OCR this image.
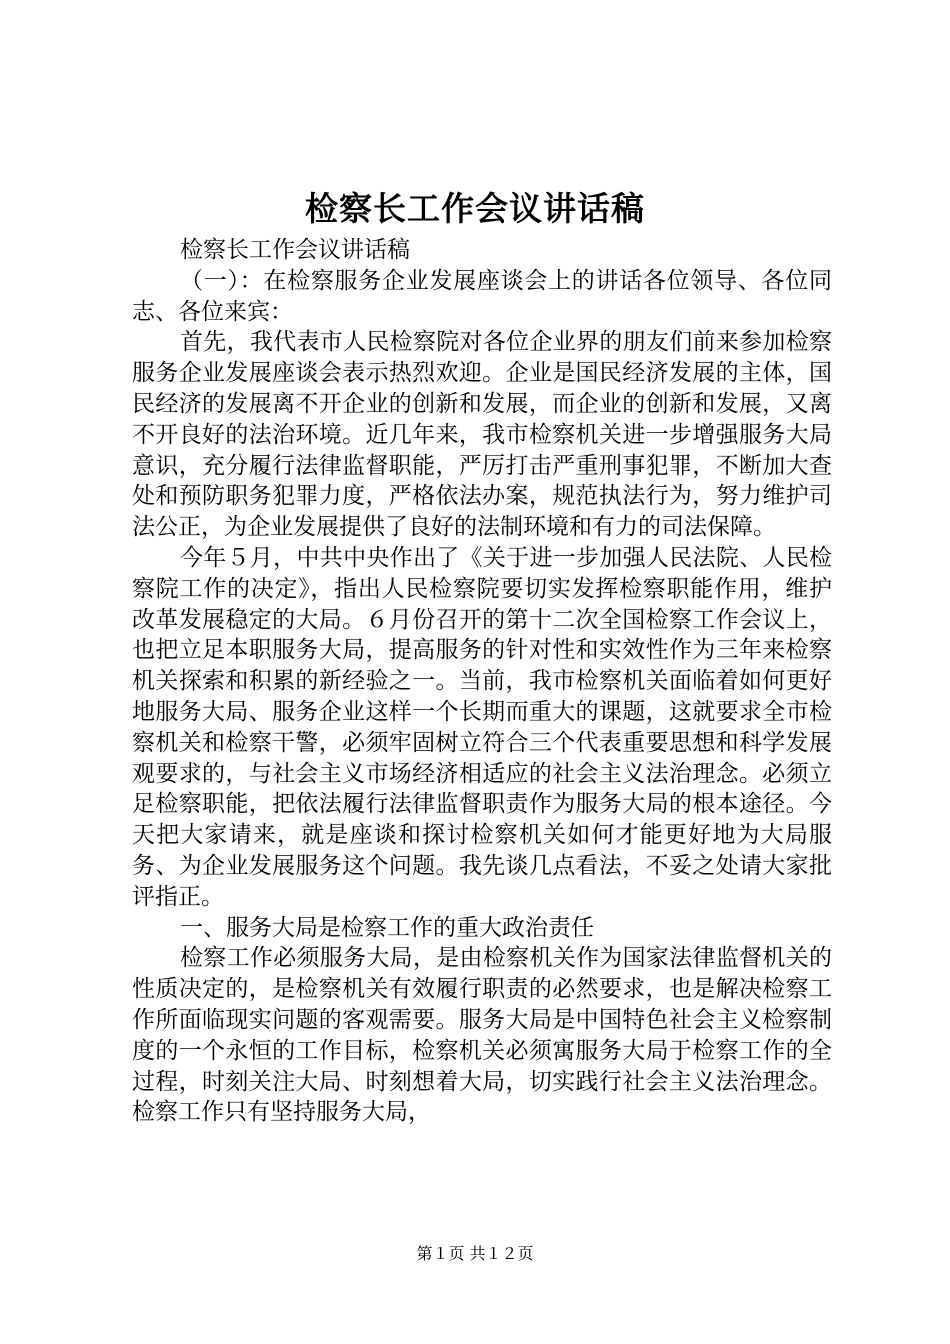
检察长工作会议讲话稿

检察长工作会议讲话稿

（一）：在检察服务企业发展座谈会上的讲话各位领导、各位同志、各位来宾：

首先，我代表市人民检察院对各位企业界的朋友们前来参加检察服务企业发展座谈会表示热烈欢迎。企业是国民经济发展的主体，国民经济的发展离不开企业的创新和发展，而企业的创新和发展，又离不开良好的法治环境。近几年来，我市检察机关进一步增强服务大局意识，充分履行法律监督职能，严厉打击严重刑事犯罪，不断加大查处和预防职务犯罪力度，严格依法办案，规范执法行为，努力维护司法公正，为企业发展提供了良好的法制环境和有力的司法保障。

今年５月，中共中央作出了《关于进一步加强人民法院、人民检察院工作的决定》，指出人民检察院要切实发挥检察职能作用，维护改革发展稳定的大局。６月份召开的第十二次全国检察工作会议上，也把立足本职服务大局，提高服务的针对性和实效性作为三年来检察机关探索和积累的新经验之一。当前，我市检察机关面临着如何更好地服务大局、服务企业这样一个长期而重大的课题，这就要求全市检察机关和检察干警，必须牢固树立符合三个代表重要思想和科学发展观要求的，与社会主义市场经济相适应的社会主义法治理念。必须立足检察职能，把依法履行法律监督职责作为服务大局的根本途径。今天把大家请来，就是座谈和探讨检察机关如何才能更好地为大局服务、为企业发展服务这个问题。我先谈几点看法，不妥之处请大家批评指正。

一、服务大局是检察工作的重大政治责任

检察工作必须服务大局，是由检察机关作为国家法律监督机关的性质决定的，是检察机关有效履行职责的必然要求，也是解决检察工作所面临现实问题的客观需要。服务大局是中国特色社会主义检察制度的一个永恒的工作目标，检察机关必须寓服务大局于检察工作的全过程，时刻关注大局、时刻想着大局，切实践行社会主义法治理念。检察工作只有坚持服务大局，

第１页 共１２页
